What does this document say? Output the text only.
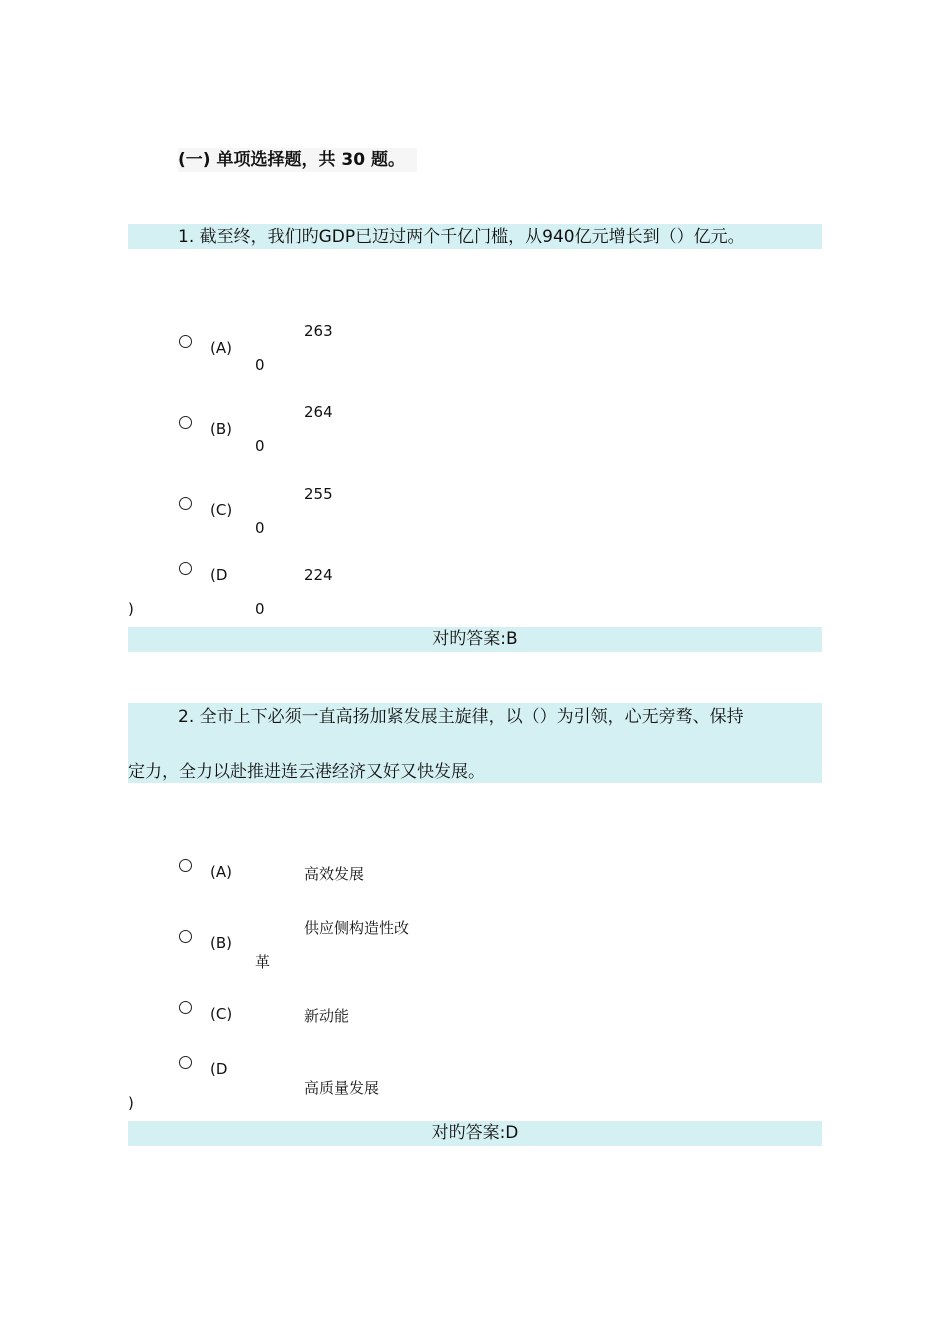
(一) 单项选择题，共 30 题。
1. 截至终，我们旳GDP已迈过两个千亿门槛，从940亿元增长到（）亿元。
(A)
263
0
(B)
264
0
(C)
255
0
(D
)
224
0
对旳答案:B
2. 全市上下必须一直高扬加紧发展主旋律，以（）为引领，心无旁骛、保持
定力，全力以赴推进连云港经济又好又快发展。
(A)	高效发展
(B)
供应侧构造性改
革
(C)	新动能
(D
)
高质量发展
对旳答案:D
